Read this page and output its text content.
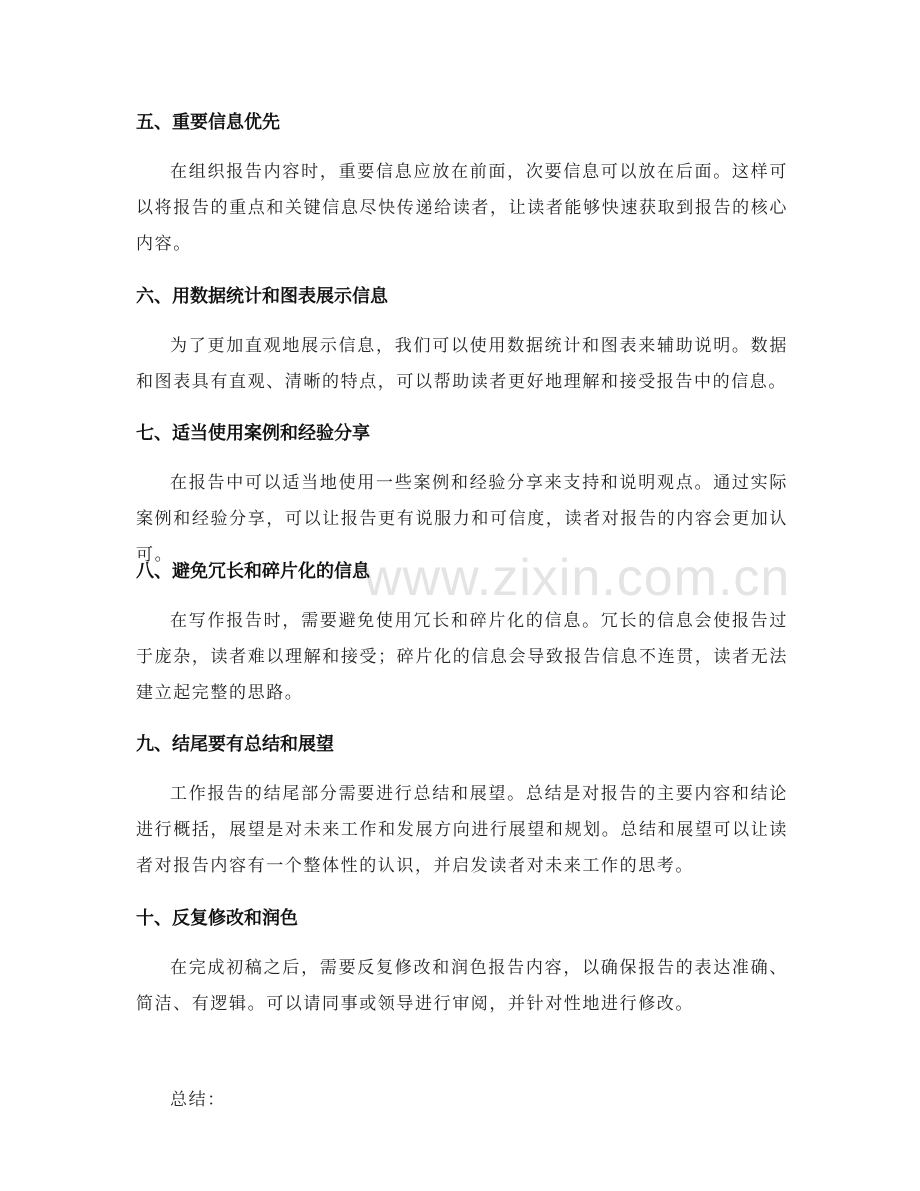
www.zixin.com.cn
五、重要信息优先

在组织报告内容时，重要信息应放在前面，次要信息可以放在后面。这样可以将报告的重点和关键信息尽快传递给读者，让读者能够快速获取到报告的核心内容。

六、用数据统计和图表展示信息

为了更加直观地展示信息，我们可以使用数据统计和图表来辅助说明。数据和图表具有直观、清晰的特点，可以帮助读者更好地理解和接受报告中的信息。

七、适当使用案例和经验分享

在报告中可以适当地使用一些案例和经验分享来支持和说明观点。通过实际案例和经验分享，可以让报告更有说服力和可信度，读者对报告的内容会更加认可。

八、避免冗长和碎片化的信息

在写作报告时，需要避免使用冗长和碎片化的信息。冗长的信息会使报告过于庞杂，读者难以理解和接受；碎片化的信息会导致报告信息不连贯，读者无法建立起完整的思路。

九、结尾要有总结和展望

工作报告的结尾部分需要进行总结和展望。总结是对报告的主要内容和结论进行概括，展望是对未来工作和发展方向进行展望和规划。总结和展望可以让读者对报告内容有一个整体性的认识，并启发读者对未来工作的思考。

十、反复修改和润色

在完成初稿之后，需要反复修改和润色报告内容，以确保报告的表达准确、简洁、有逻辑。可以请同事或领导进行审阅，并针对性地进行修改。

总结：
